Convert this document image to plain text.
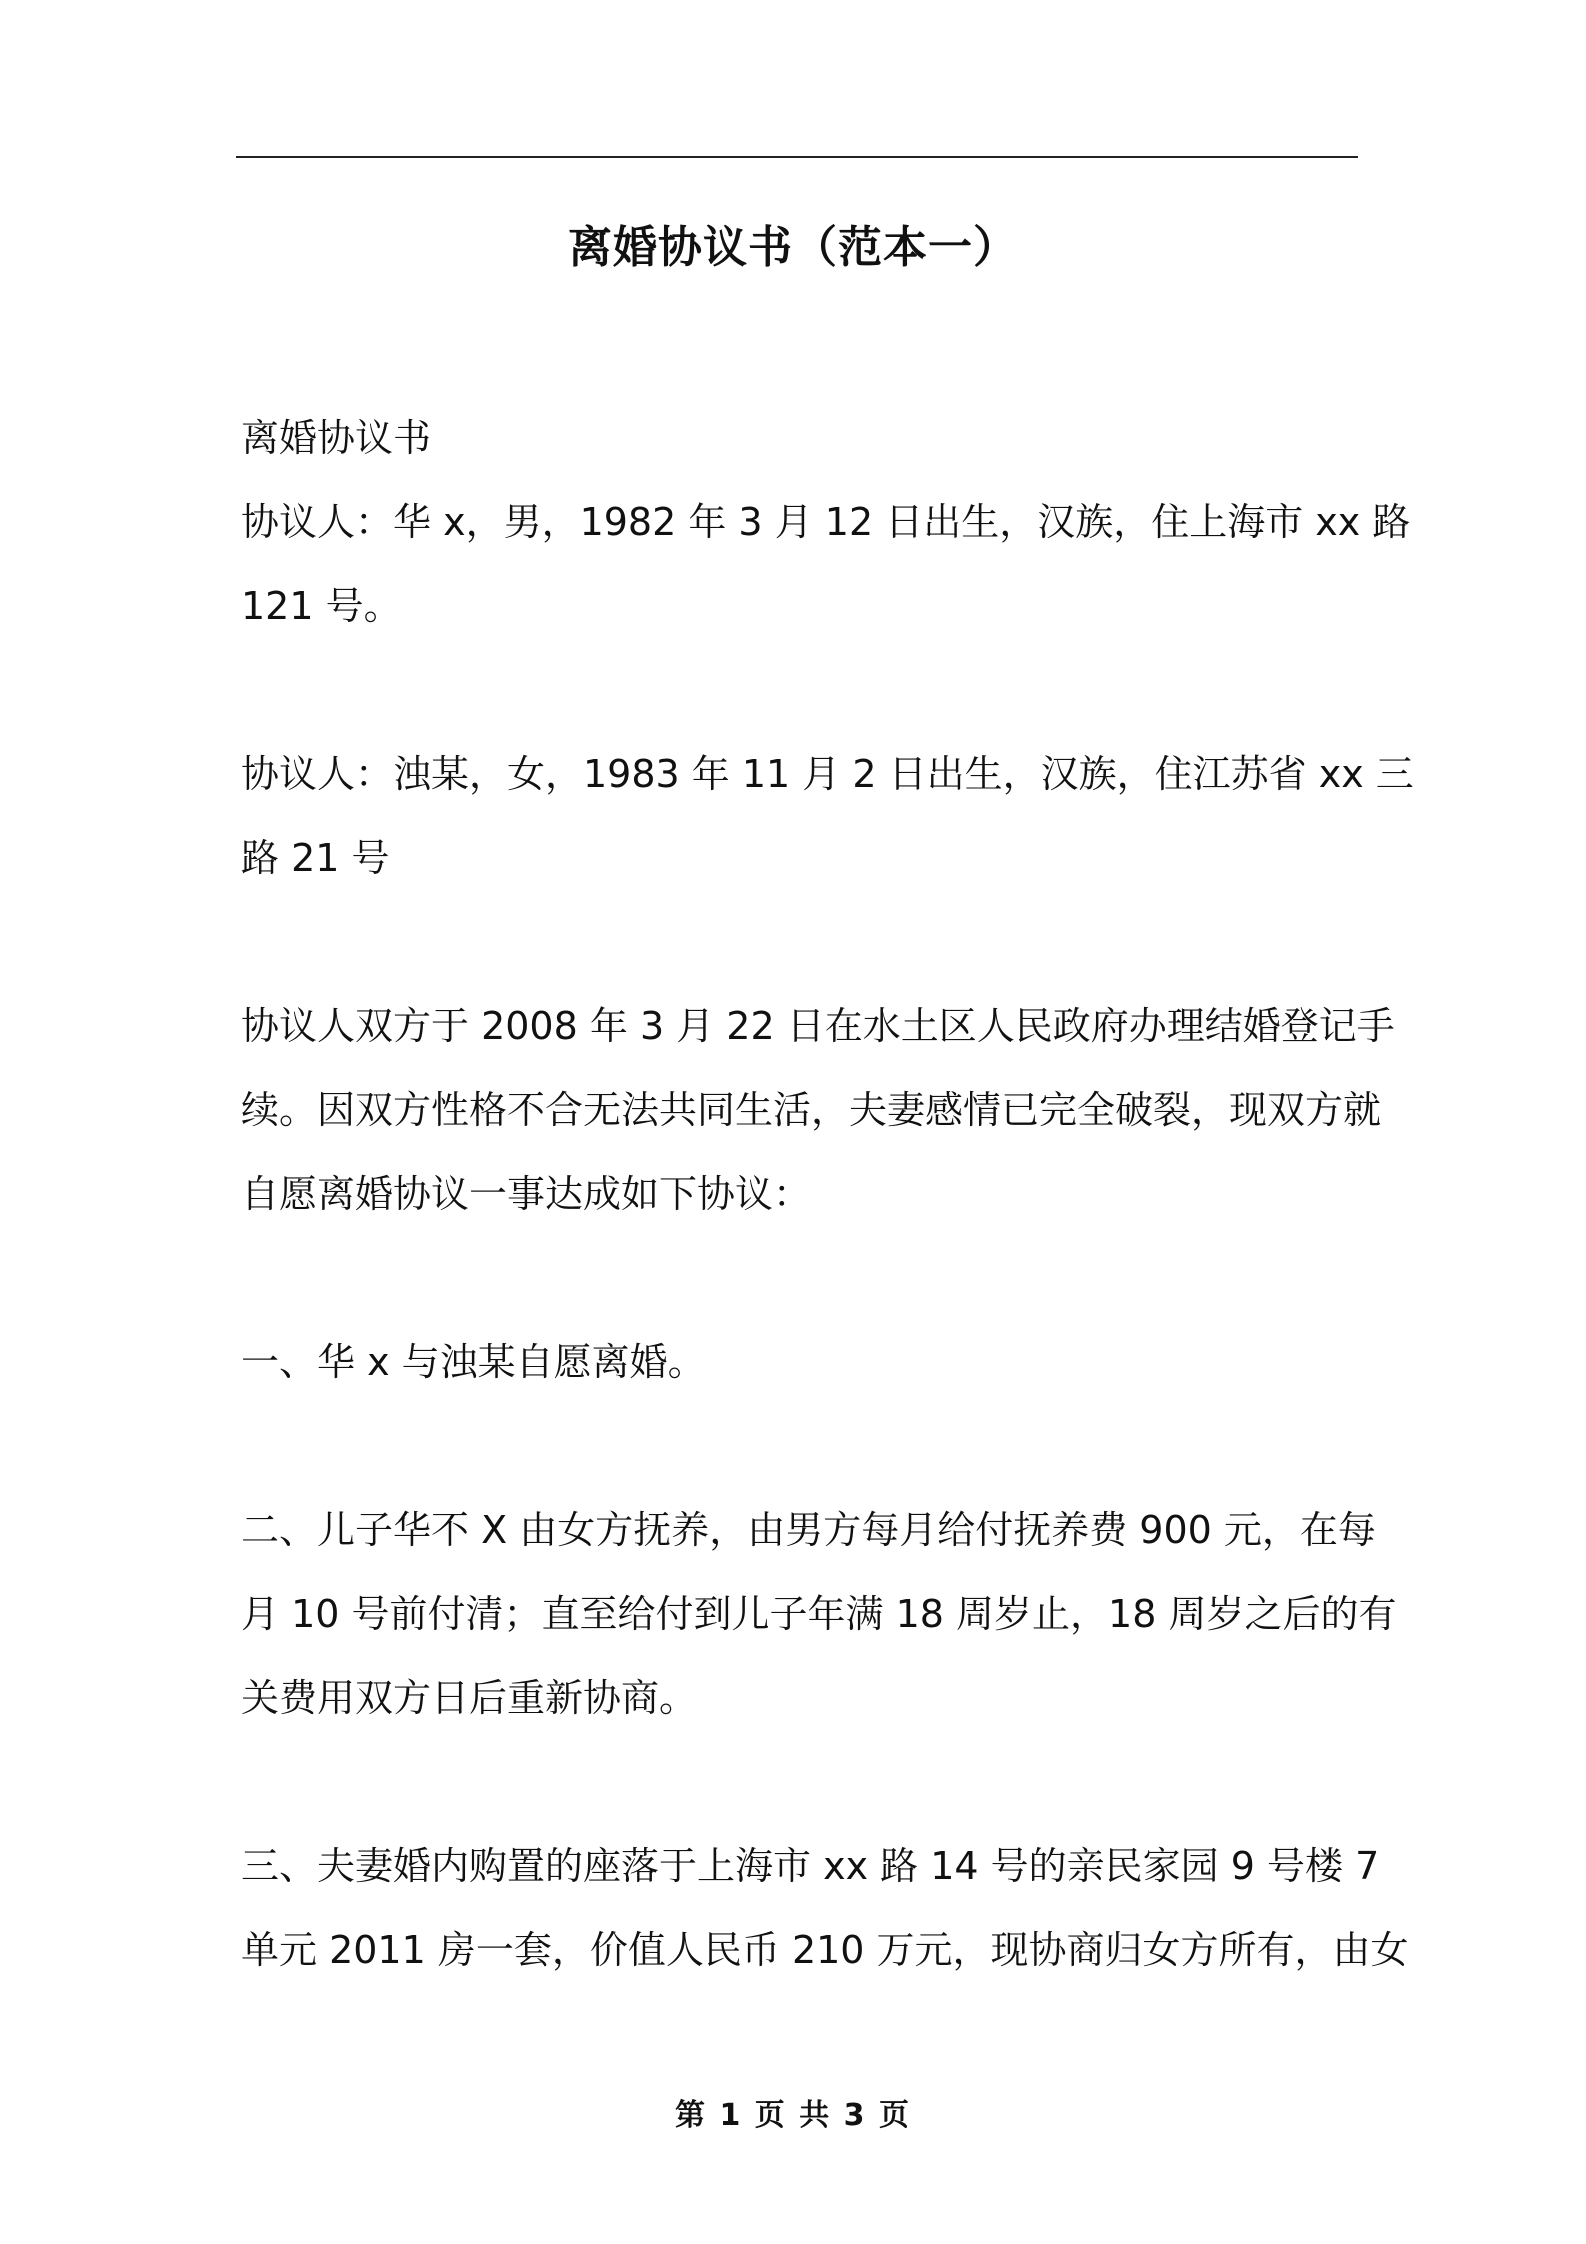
离婚协议书（范本一）

离婚协议书

协议人：华 x，男，1982 年 3 月 12 日出生，汉族，住上海市 xx 路
121 号。

协议人：浊某，女，1983 年 11 月 2 日出生，汉族，住江苏省 xx 三
路 21 号

协议人双方于 2008 年 3 月 22 日在水土区人民政府办理结婚登记手
续。因双方性格不合无法共同生活，夫妻感情已完全破裂，现双方就
自愿离婚协议一事达成如下协议：

一、华 x 与浊某自愿离婚。

二、儿子华不 X 由女方抚养，由男方每月给付抚养费 900 元，在每
月 10 号前付清；直至给付到儿子年满 18 周岁止，18 周岁之后的有
关费用双方日后重新协商。

三、夫妻婚内购置的座落于上海市 xx 路 14 号的亲民家园 9 号楼 7
单元 2011 房一套，价值人民币 210 万元，现协商归女方所有，由女

第 1 页 共 3 页
